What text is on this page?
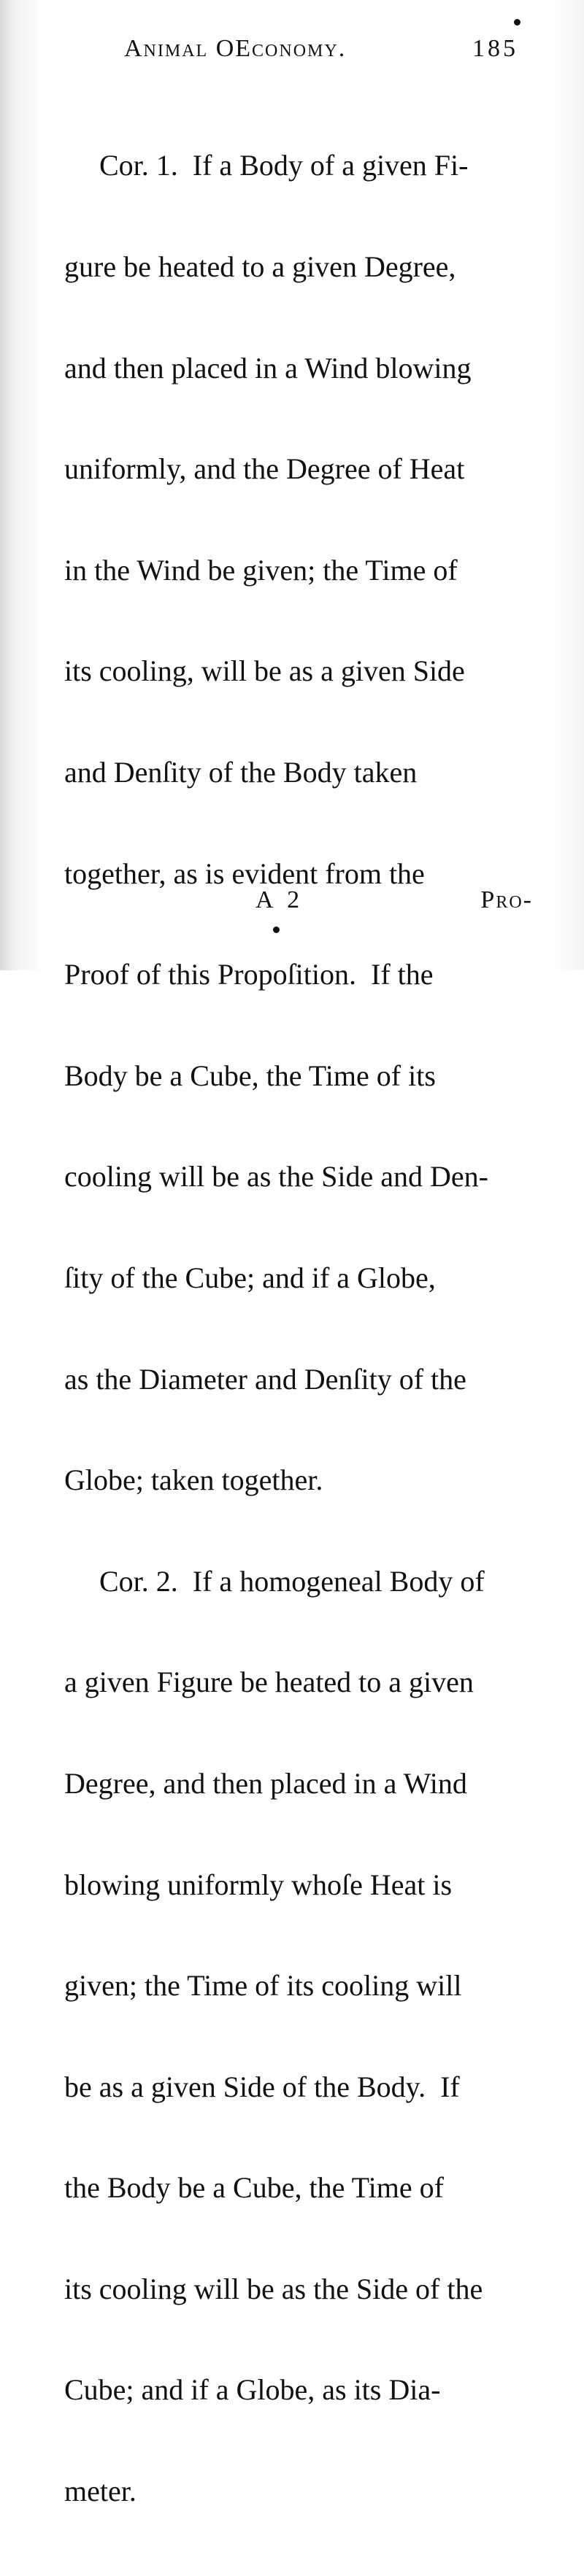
Animal OEconomy.	185

Cor. 1.  If a Body of a given Fi-

gure be heated to a given Degree,

and then placed in a Wind blowing

uniformly, and the Degree of Heat

in the Wind be given; the Time of

its cooling, will be as a given Side

and Denſity of the Body taken

together, as is evident from the

Proof of this Propoſition.  If the

Body be a Cube, the Time of its

cooling will be as the Side and Den-

ſity of the Cube; and if a Globe,

as the Diameter and Denſity of the

Globe; taken together.

Cor. 2.  If a homogeneal Body of

a given Figure be heated to a given

Degree, and then placed in a Wind

blowing uniformly whoſe Heat is

given; the Time of its cooling will

be as a given Side of the Body.  If

the Body be a Cube, the Time of

its cooling will be as the Side of the

Cube; and if a Globe, as its Dia-

meter.

A 2	Pro-
